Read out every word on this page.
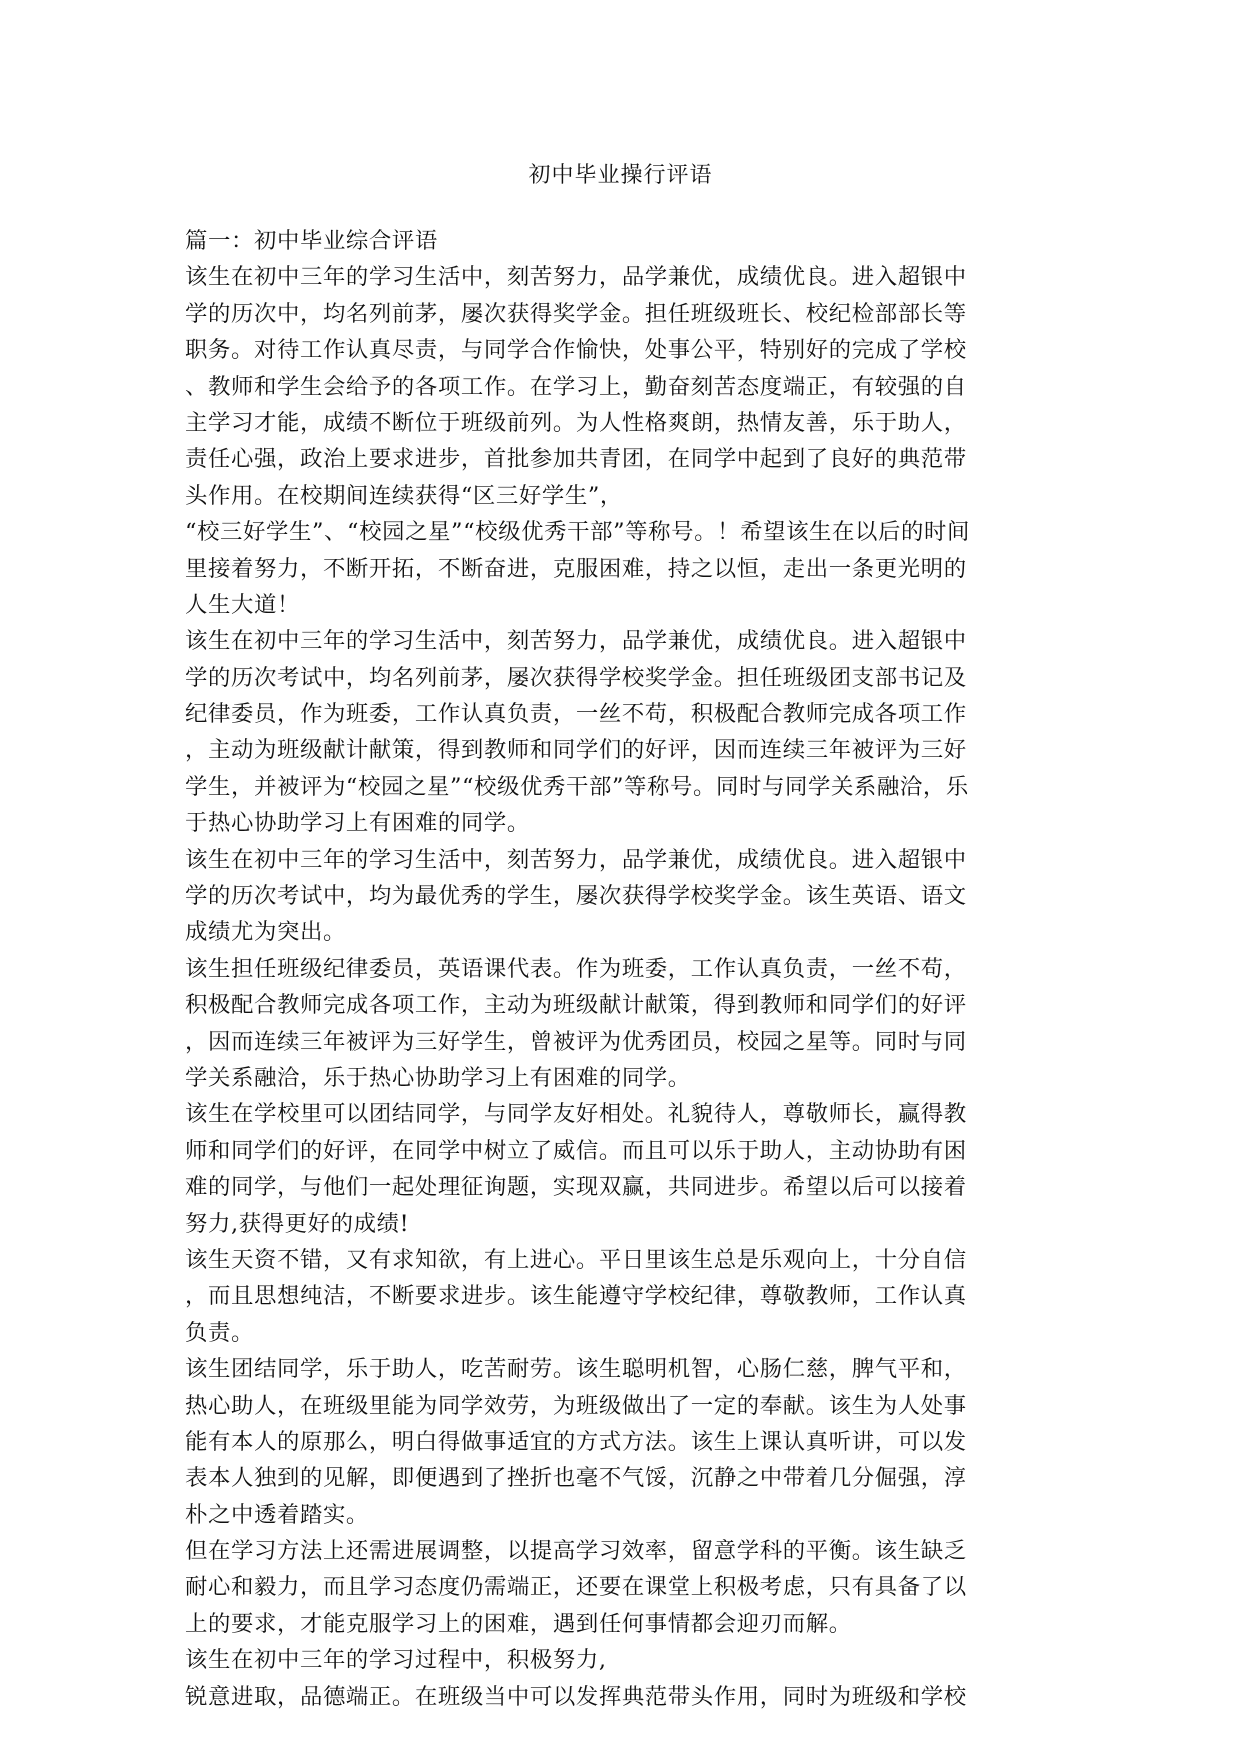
初中毕业操行评语
篇一：初中毕业综合评语
该生在初中三年的学习生活中，刻苦努力，品学兼优，成绩优良。进入超银中
学的历次中，均名列前茅，屡次获得奖学金。担任班级班长、校纪检部部长等
职务。对待工作认真尽责，与同学合作愉快，处事公平，特别好的完成了学校
、教师和学生会给予的各项工作。在学习上，勤奋刻苦态度端正，有较强的自
主学习才能，成绩不断位于班级前列。为人性格爽朗，热情友善，乐于助人，
责任心强，政治上要求进步，首批参加共青团，在同学中起到了良好的典范带
头作用。在校期间连续获得“区三好学生”，
“校三好学生”、“校园之星”“校级优秀干部”等称号。！希望该生在以后的时间
里接着努力，不断开拓，不断奋进，克服困难，持之以恒，走出一条更光明的
人生大道！
该生在初中三年的学习生活中，刻苦努力，品学兼优，成绩优良。进入超银中
学的历次考试中，均名列前茅，屡次获得学校奖学金。担任班级团支部书记及
纪律委员，作为班委，工作认真负责，一丝不苟，积极配合教师完成各项工作
，主动为班级献计献策，得到教师和同学们的好评，因而连续三年被评为三好
学生，并被评为“校园之星”“校级优秀干部”等称号。同时与同学关系融洽，乐
于热心协助学习上有困难的同学。
该生在初中三年的学习生活中，刻苦努力，品学兼优，成绩优良。进入超银中
学的历次考试中，均为最优秀的学生，屡次获得学校奖学金。该生英语、语文
成绩尤为突出。
该生担任班级纪律委员，英语课代表。作为班委，工作认真负责，一丝不苟，
积极配合教师完成各项工作，主动为班级献计献策，得到教师和同学们的好评
，因而连续三年被评为三好学生，曾被评为优秀团员，校园之星等。同时与同
学关系融洽，乐于热心协助学习上有困难的同学。
该生在学校里可以团结同学，与同学友好相处。礼貌待人，尊敬师长，赢得教
师和同学们的好评，在同学中树立了威信。而且可以乐于助人，主动协助有困
难的同学，与他们一起处理征询题，实现双赢，共同进步。希望以后可以接着
努力,获得更好的成绩!
该生天资不错，又有求知欲，有上进心。平日里该生总是乐观向上，十分自信
，而且思想纯洁，不断要求进步。该生能遵守学校纪律，尊敬教师，工作认真
负责。
该生团结同学，乐于助人，吃苦耐劳。该生聪明机智，心肠仁慈，脾气平和，
热心助人，在班级里能为同学效劳，为班级做出了一定的奉献。该生为人处事
能有本人的原那么，明白得做事适宜的方式方法。该生上课认真听讲，可以发
表本人独到的见解，即便遇到了挫折也毫不气馁，沉静之中带着几分倔强，淳
朴之中透着踏实。
但在学习方法上还需进展调整，以提高学习效率，留意学科的平衡。该生缺乏
耐心和毅力，而且学习态度仍需端正，还要在课堂上积极考虑，只有具备了以
上的要求，才能克服学习上的困难，遇到任何事情都会迎刃而解。
该生在初中三年的学习过程中，积极努力,
锐意进取，品德端正。在班级当中可以发挥典范带头作用，同时为班级和学校
